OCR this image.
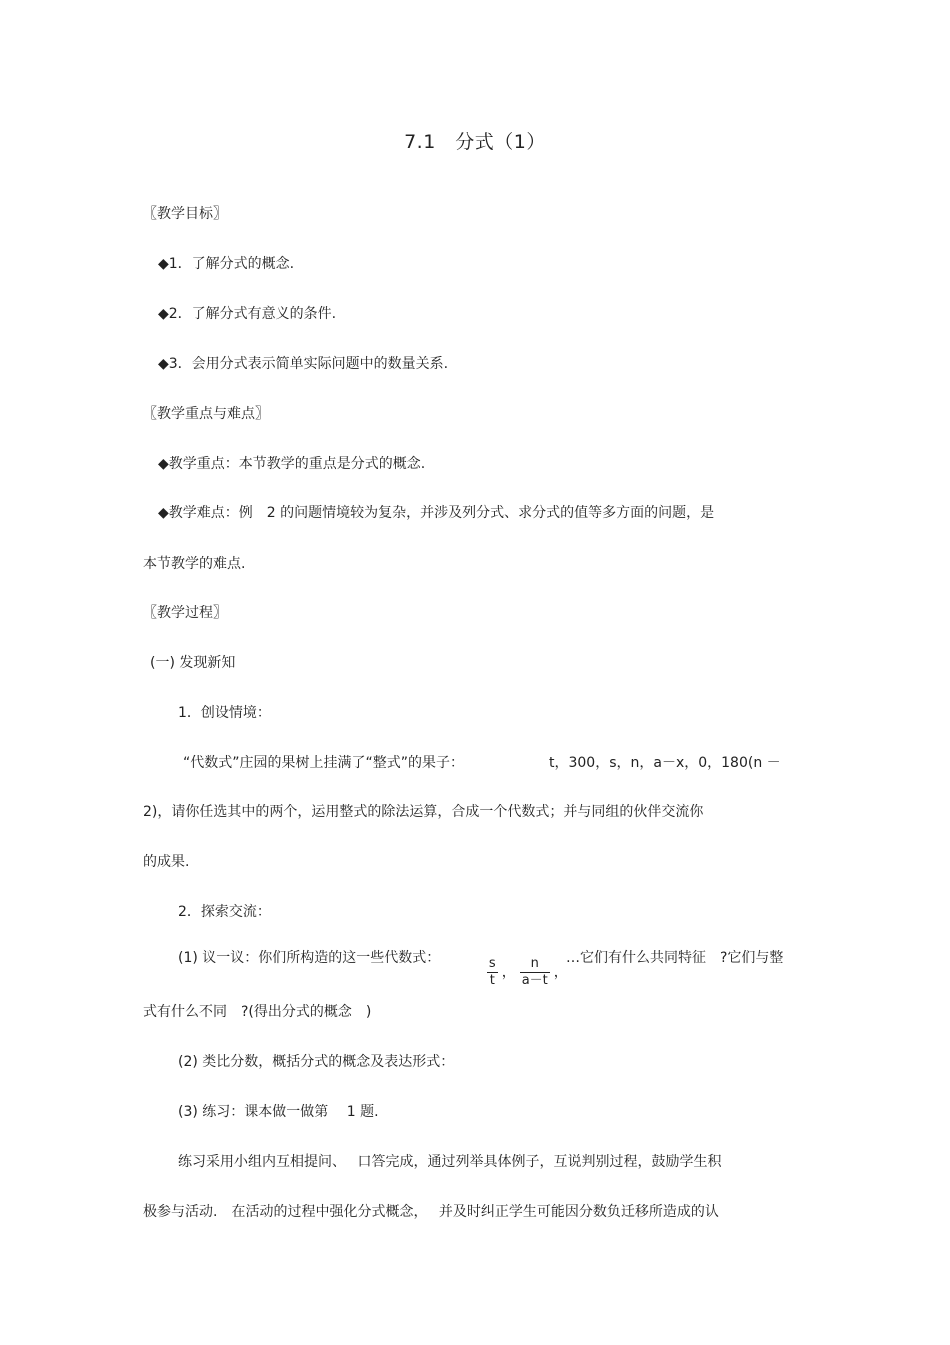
7.1　分式（1）
〖教学目标〗
◆1．了解分式的概念.
◆2．了解分式有意义的条件.
◆3．会用分式表示简单实际问题中的数量关系.
〖教学重点与难点〗
◆教学重点：本节教学的重点是分式的概念.
◆教学难点：例　2 的问题情境较为复杂，并涉及列分式、求分式的值等多方面的问题，是
本节教学的难点.
〖教学过程〗
(一) 发现新知
1．创设情境：
“代数式”庄园的果树上挂满了“整式”的果子：	t，300，s，n，a－x，0，180(n －
2)，请你任选其中的两个，运用整式的除法运算，合成一个代数式；并与同组的伙伴交流你
的成果.
2．探索交流：
(1) 议一议：你们所构造的这一些代数式：

	$\frac{s}{t}$ ， $\frac{n}{a-t}$ ，

…它们有什么共同特征　?它们与整
式有什么不同　?(得出分式的概念　)
(2) 类比分数，概括分式的概念及表达形式：
(3) 练习：课本做一做第　 1 题.
练习采用小组内互相提问、　 口答完成，通过列举具体例子，互说判别过程，鼓励学生积
极参与活动.　在活动的过程中强化分式概念，　 并及时纠正学生可能因分数负迁移所造成的认
